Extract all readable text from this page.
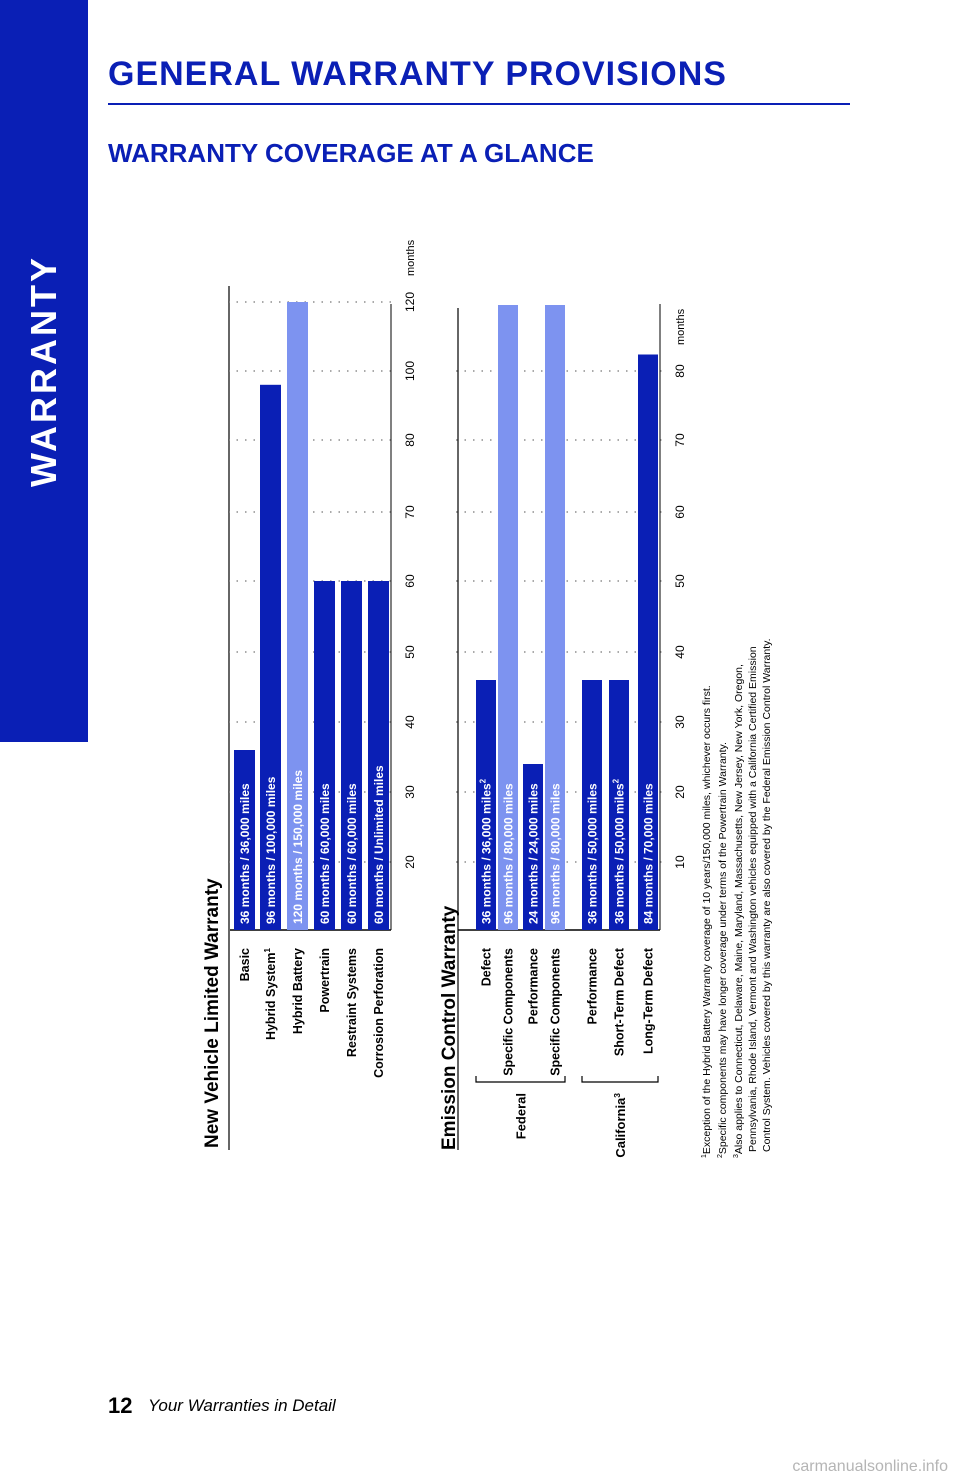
WARRANTY
GENERAL WARRANTY PROVISIONS
WARRANTY COVERAGE AT A GLANCE
New Vehicle Limited Warranty
20
30
40
50
60
70
80
100
120
months
36 months / 36,000 miles
Basic
96 months / 100,000 miles
Hybrid System$^1$
120 months / 150,000 miles
Hybrid Battery
60 months / 60,000 miles
Powertrain
60 months / 60,000 miles
Restraint Systems
60 months / Unlimited miles
Corrosion Perforation	Emission Control Warranty
10
20
30
40
50
60
70
80
months
36 months / 36,000 miles$^2$
Defect
96 months / 80,000 miles
Specific Components
24 months / 24,000 miles
Performance
96 months / 80,000 miles
Specific Components
36 months / 50,000 miles
Performance
36 months / 50,000 miles$^2$
Short-Term Defect
84 months / 70,000 miles
Long-Term Defect
Federal	California$^3$
$^1$Exception of the Hybrid Battery Warranty coverage of 10 years/150,000 miles, whichever occurs first.
$^2$Specific components may have longer coverage under terms of the Powertrain Warranty.
$^3$Also applies to Connecticut, Delaware, Maine, Maryland, Massachusetts, New Jersey, New York, Oregon, Pennsylvania, Rhode Island, Vermont and Washington vehicles equipped with a California Certified Emission Control System. Vehicles covered by this warranty are also covered by the Federal Emission Control Warranty.
12 Your Warranties in Detail
carmanualsonline.info
